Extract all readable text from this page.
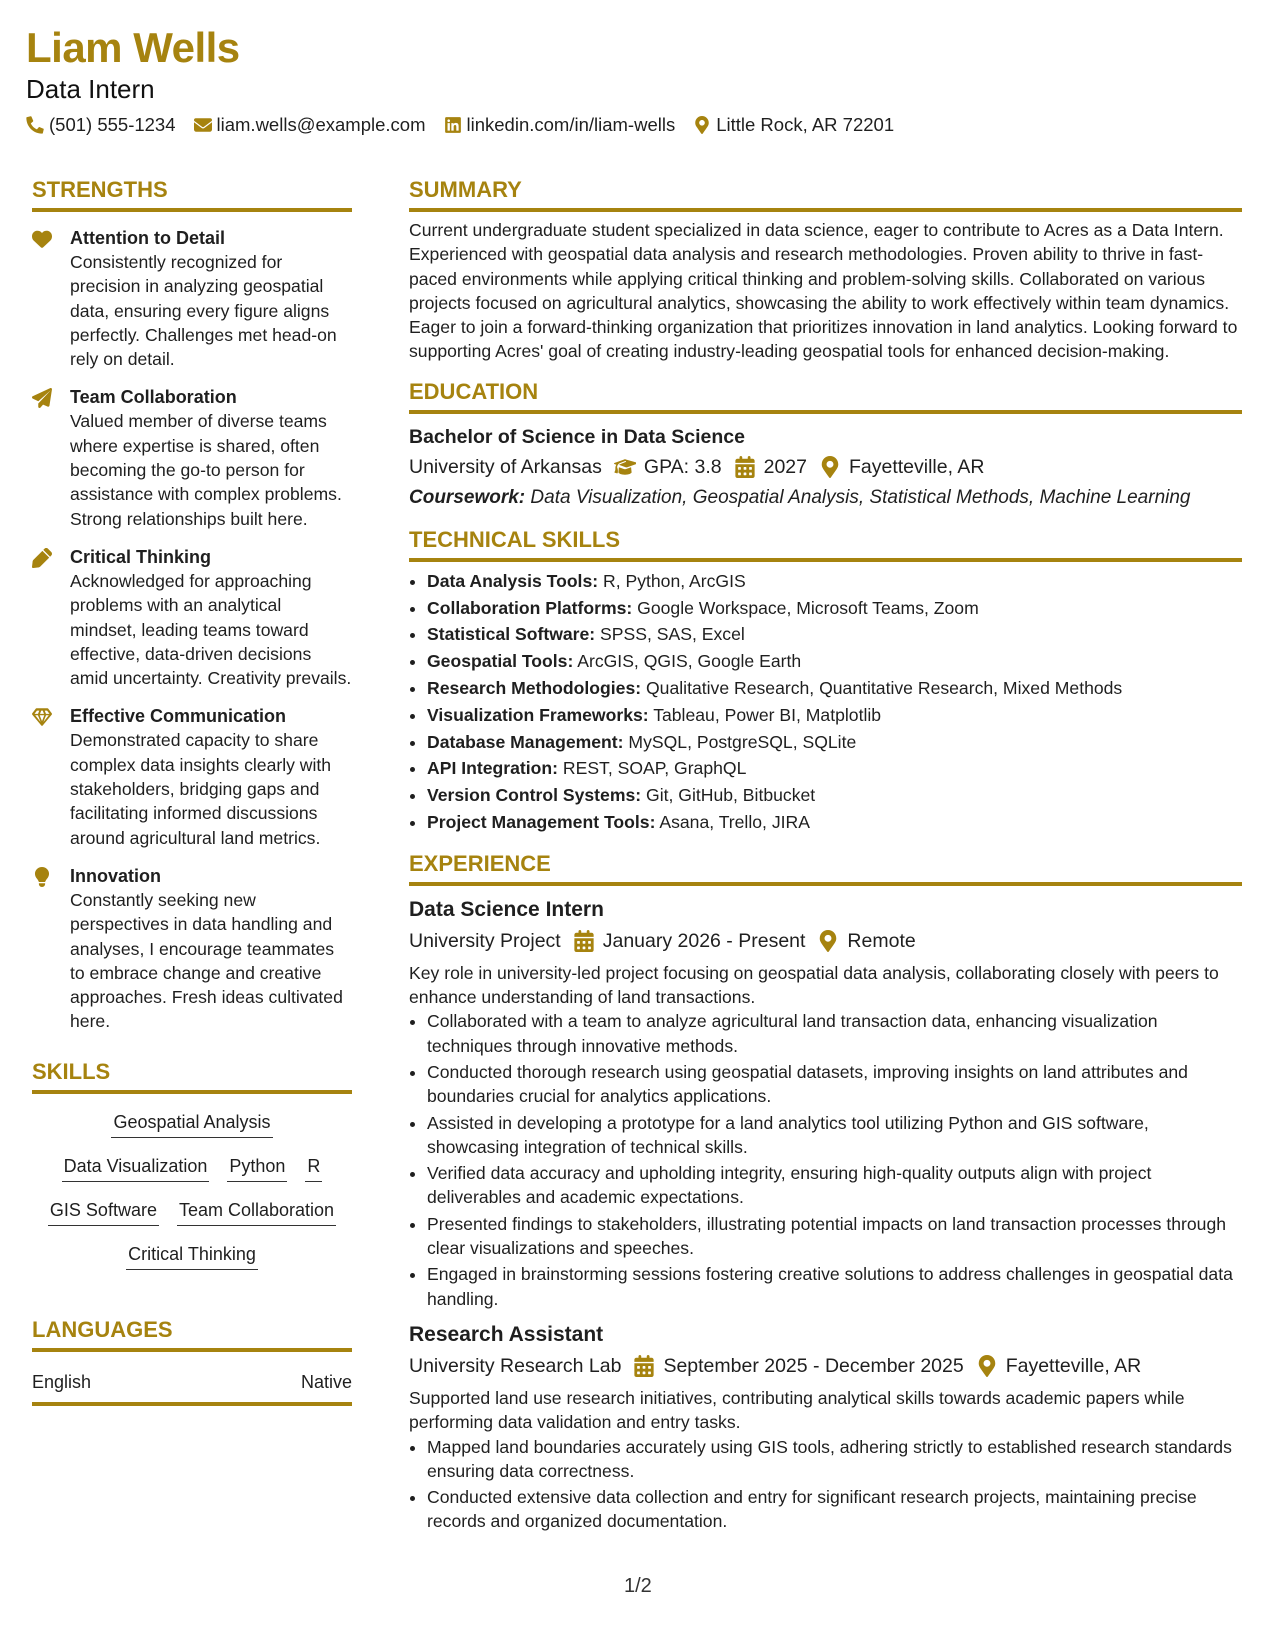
Liam Wells
Data Intern
(501) 555-1234 liam.wells@example.com linkedin.com/in/liam-wells Little Rock, AR 72201
STRENGTHS
Attention to Detail
Consistently recognized for precision in analyzing geospatial data, ensuring every figure aligns perfectly. Challenges met head-on rely on detail.
Team Collaboration
Valued member of diverse teams where expertise is shared, often becoming the go-to person for assistance with complex problems. Strong relationships built here.
Critical Thinking
Acknowledged for approaching problems with an analytical mindset, leading teams toward effective, data-driven decisions amid uncertainty. Creativity prevails.
Effective Communication
Demonstrated capacity to share complex data insights clearly with stakeholders, bridging gaps and facilitating informed discussions around agricultural land metrics.
Innovation
Constantly seeking new perspectives in data handling and analyses, I encourage teammates to embrace change and creative approaches. Fresh ideas cultivated here.
SKILLS
Geospatial Analysis
Data Visualization Python R
GIS Software Team Collaboration
Critical Thinking
LANGUAGES
English	Native
SUMMARY
Current undergraduate student specialized in data science, eager to contribute to Acres as a Data Intern. Experienced with geospatial data analysis and research methodologies. Proven ability to thrive in fast-paced environments while applying critical thinking and problem-solving skills. Collaborated on various projects focused on agricultural analytics, showcasing the ability to work effectively within team dynamics. Eager to join a forward-thinking organization that prioritizes innovation in land analytics. Looking forward to supporting Acres' goal of creating industry-leading geospatial tools for enhanced decision-making.
EDUCATION
Bachelor of Science in Data Science
University of Arkansas GPA: 3.8 2027 Fayetteville, AR
Coursework: Data Visualization, Geospatial Analysis, Statistical Methods, Machine Learning
TECHNICAL SKILLS
• Data Analysis Tools: R, Python, ArcGIS
• Collaboration Platforms: Google Workspace, Microsoft Teams, Zoom
• Statistical Software: SPSS, SAS, Excel
• Geospatial Tools: ArcGIS, QGIS, Google Earth
• Research Methodologies: Qualitative Research, Quantitative Research, Mixed Methods
• Visualization Frameworks: Tableau, Power BI, Matplotlib
• Database Management: MySQL, PostgreSQL, SQLite
• API Integration: REST, SOAP, GraphQL
• Version Control Systems: Git, GitHub, Bitbucket
• Project Management Tools: Asana, Trello, JIRA
EXPERIENCE
Data Science Intern
University Project January 2026 - Present Remote
Key role in university-led project focusing on geospatial data analysis, collaborating closely with peers to enhance understanding of land transactions.
• Collaborated with a team to analyze agricultural land transaction data, enhancing visualization techniques through innovative methods.
• Conducted thorough research using geospatial datasets, improving insights on land attributes and boundaries crucial for analytics applications.
• Assisted in developing a prototype for a land analytics tool utilizing Python and GIS software, showcasing integration of technical skills.
• Verified data accuracy and upholding integrity, ensuring high-quality outputs align with project deliverables and academic expectations.
• Presented findings to stakeholders, illustrating potential impacts on land transaction processes through clear visualizations and speeches.
• Engaged in brainstorming sessions fostering creative solutions to address challenges in geospatial data handling.
Research Assistant
University Research Lab September 2025 - December 2025 Fayetteville, AR
Supported land use research initiatives, contributing analytical skills towards academic papers while performing data validation and entry tasks.
• Mapped land boundaries accurately using GIS tools, adhering strictly to established research standards ensuring data correctness.
• Conducted extensive data collection and entry for significant research projects, maintaining precise records and organized documentation.
1/2
